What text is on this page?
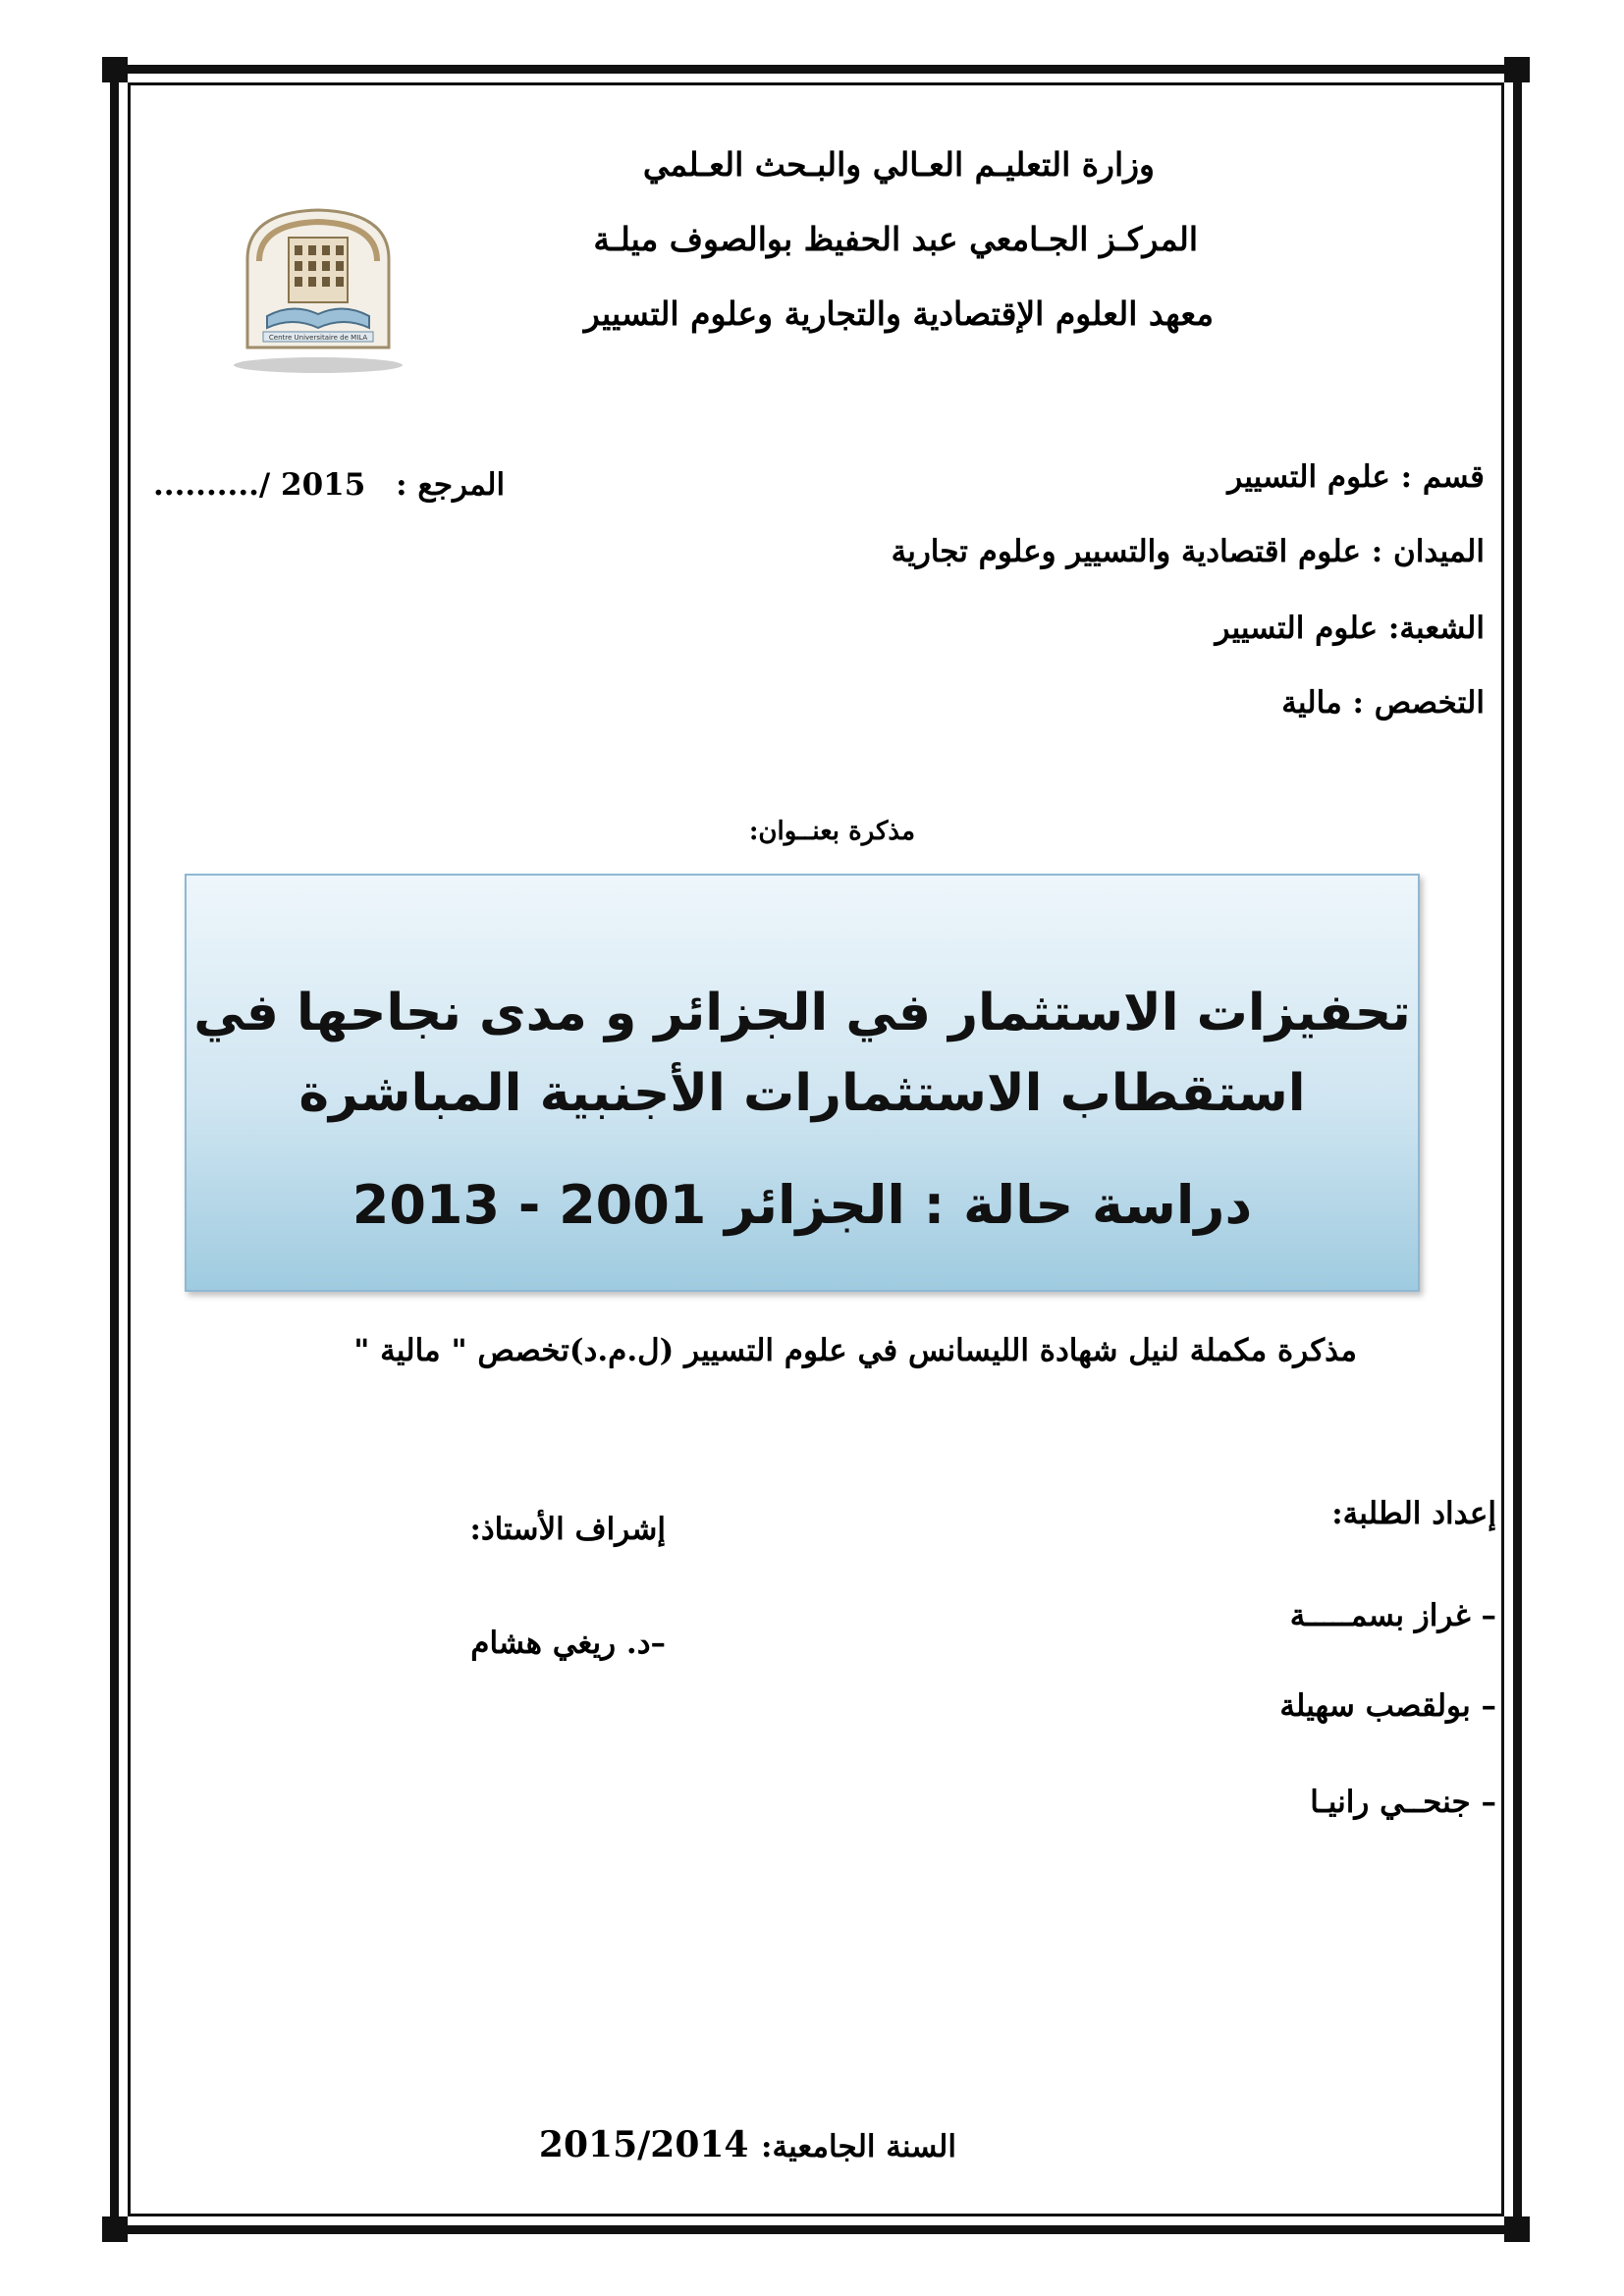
وزارة التعليـم العـالي والبـحث العـلمي
المركـز الجـامعي عبد الحفيظ بوالصوف ميلـة
معهد العلوم الإقتصادية والتجارية وعلوم التسيير
Centre Universitaire de MILA
قسم : علوم التسيير
الميدان : علوم اقتصادية والتسيير وعلوم تجارية
الشعبة: علوم التسيير
التخصص : مالية
........../ 2015 المرجع :
مذكرة بعنــوان:
تحفيزات الاستثمار في الجزائر و مدى نجاحها في
استقطاب الاستثمارات الأجنبية المباشرة
دراسة حالة : الجزائر 2001 - 2013
مذكرة مكملة لنيل شهادة الليسانس في علوم التسيير (ل.م.د)تخصص " مالية "
إعداد الطلبة:
إشراف الأستاذ:
– غراز بسمـــــة
– بولقصب سهيلة
– جنحــي رانيـا
–د. ريغي هشام
السنة الجامعية: 2015/2014
